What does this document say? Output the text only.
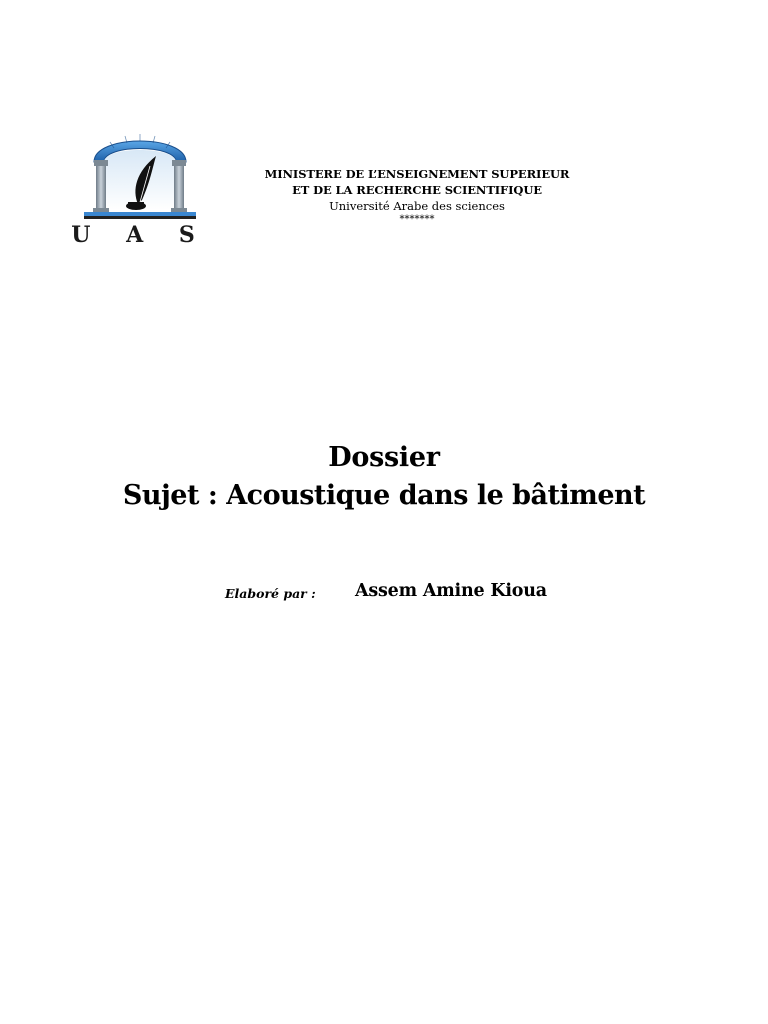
U A S
MINISTERE DE L’ENSEIGNEMENT SUPERIEUR
ET DE LA RECHERCHE SCIENTIFIQUE
Université Arabe des sciences
*******
Dossier
Sujet : Acoustique dans le bâtiment
Elaboré par : Assem Amine Kioua
